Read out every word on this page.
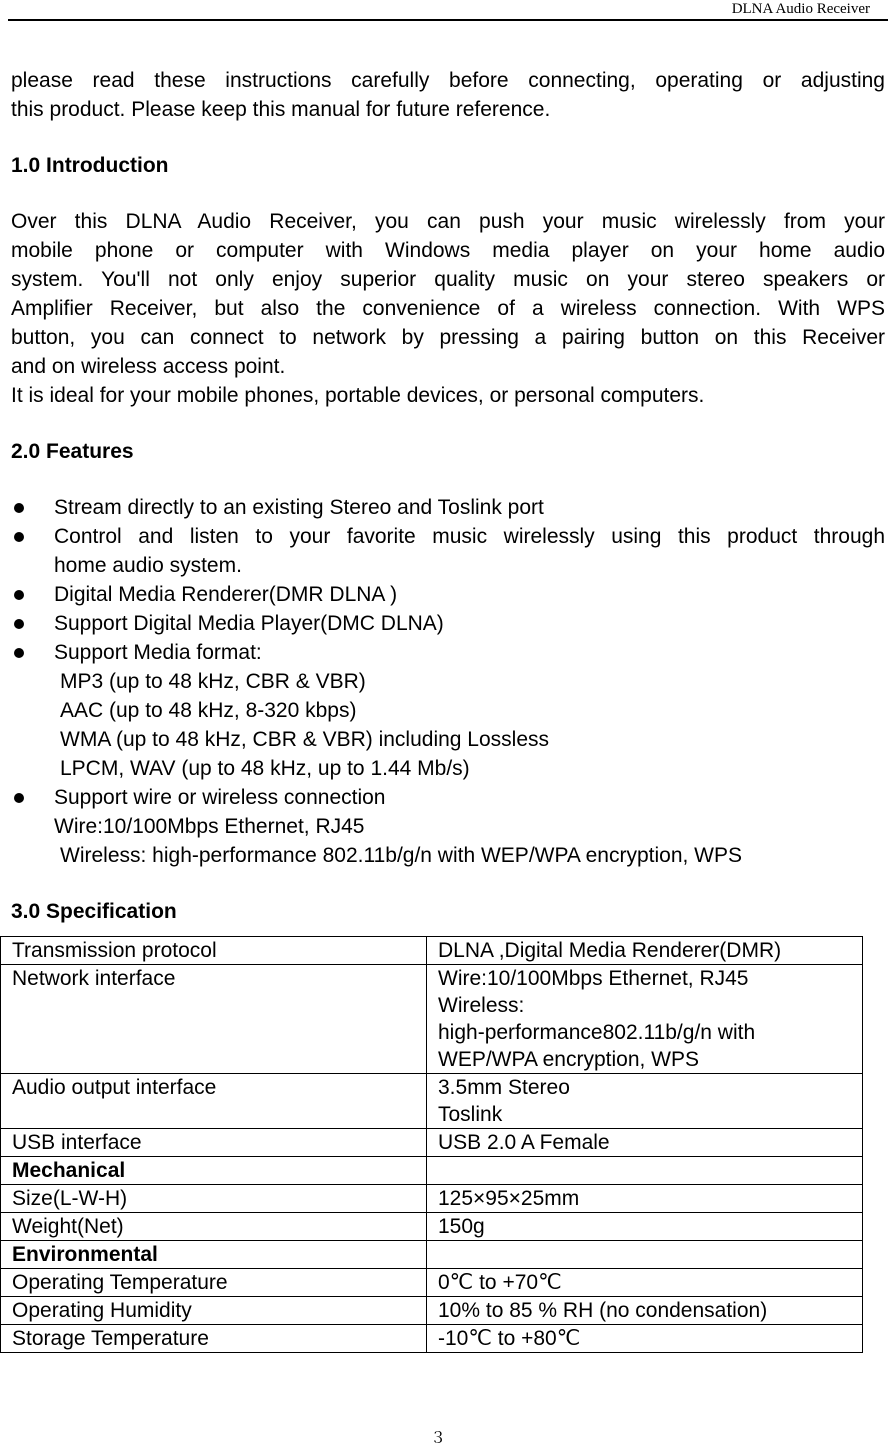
DLNA Audio Receiver

please read these instructions carefully before connecting, operating or adjusting
this product. Please keep this manual for future reference.

1.0 Introduction

Over this DLNA Audio Receiver, you can push your music wirelessly from your
mobile phone or computer with Windows media player on your home audio
system. You'll not only enjoy superior quality music on your stereo speakers or
Amplifier Receiver, but also the convenience of a wireless connection. With WPS
button, you can connect to network by pressing a pairing button on this Receiver
and on wireless access point.
It is ideal for your mobile phones, portable devices, or personal computers.

2.0 Features
Stream directly to an existing Stereo and Toslink port
Control and listen to your favorite music wirelessly using this product through
home audio system.
Digital Media Renderer(DMR DLNA )
Support Digital Media Player(DMC DLNA)
Support Media format:
MP3 (up to 48 kHz, CBR & VBR)
AAC (up to 48 kHz, 8-320 kbps)
WMA (up to 48 kHz, CBR & VBR) including Lossless
LPCM, WAV (up to 48 kHz, up to 1.44 Mb/s)
Support wire or wireless connection
Wire:10/100Mbps Ethernet, RJ45
Wireless: high-performance 802.11b/g/n with WEP/WPA encryption, WPS
3.0 Specification
Transmission protocol	DLNA ,Digital Media Renderer(DMR)

Network interface	Wire:10/100Mbps Ethernet, RJ45
Wireless:
high-performance802.11b/g/n with
WEP/WPA encryption, WPS

Audio output interface	3.5mm Stereo
Toslink

USB interface	USB 2.0 A Female

Mechanical	

Size(L-W-H)	125×95×25mm

Weight(Net)	150g

Environmental	

Operating Temperature	0℃ to +70℃

Operating Humidity	10% to 85 % RH (no condensation)

Storage Temperature	-10℃ to +80℃
３
